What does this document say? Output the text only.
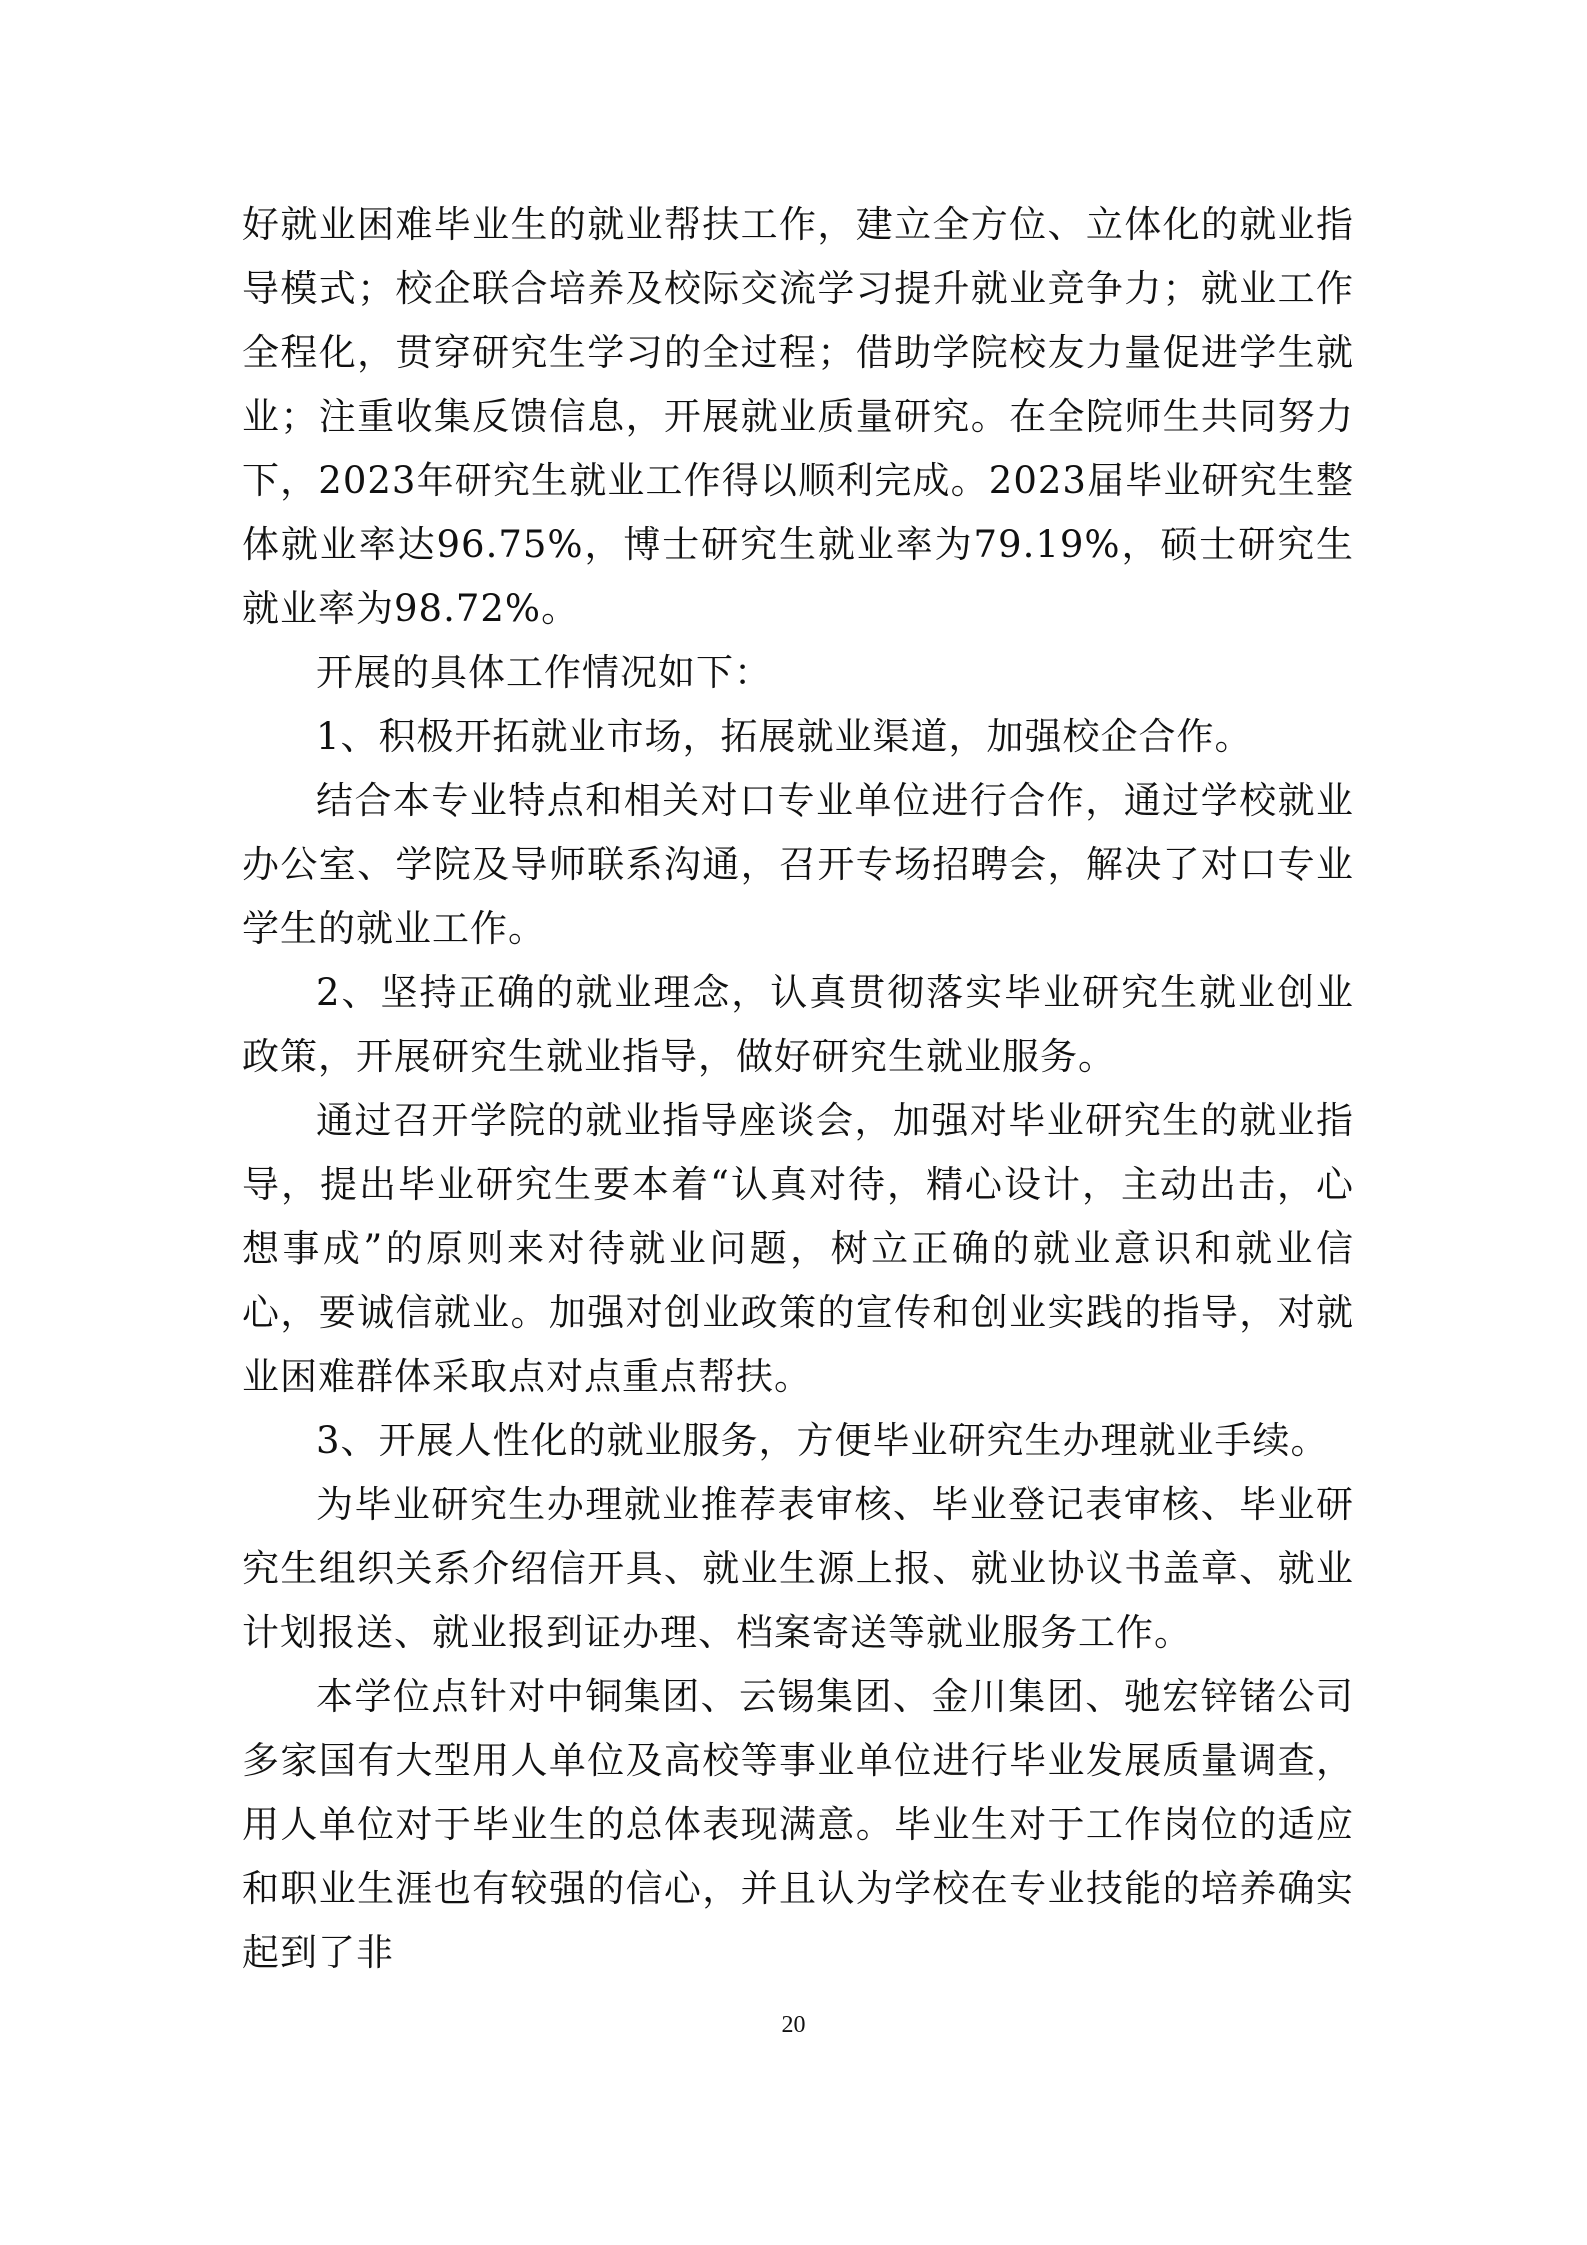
好就业困难毕业生的就业帮扶工作，建立全方位、立体化的就业指导模式；校企联合培养及校际交流学习提升就业竞争力；就业工作全程化，贯穿研究生学习的全过程；借助学院校友力量促进学生就业；注重收集反馈信息，开展就业质量研究。在全院师生共同努力下，2023年研究生就业工作得以顺利完成。2023届毕业研究生整体就业率达96.75%，博士研究生就业率为79.19%，硕士研究生就业率为98.72%。

开展的具体工作情况如下：

1、积极开拓就业市场，拓展就业渠道，加强校企合作。

结合本专业特点和相关对口专业单位进行合作，通过学校就业办公室、学院及导师联系沟通，召开专场招聘会，解决了对口专业学生的就业工作。

2、坚持正确的就业理念，认真贯彻落实毕业研究生就业创业政策，开展研究生就业指导，做好研究生就业服务。

通过召开学院的就业指导座谈会，加强对毕业研究生的就业指导，提出毕业研究生要本着“认真对待，精心设计，主动出击，心想事成”的原则来对待就业问题，树立正确的就业意识和就业信心，要诚信就业。加强对创业政策的宣传和创业实践的指导，对就业困难群体采取点对点重点帮扶。

3、开展人性化的就业服务，方便毕业研究生办理就业手续。

为毕业研究生办理就业推荐表审核、毕业登记表审核、毕业研究生组织关系介绍信开具、就业生源上报、就业协议书盖章、就业计划报送、就业报到证办理、档案寄送等就业服务工作。

本学位点针对中铜集团、云锡集团、金川集团、驰宏锌锗公司多家国有大型用人单位及高校等事业单位进行毕业发展质量调查，用人单位对于毕业生的总体表现满意。毕业生对于工作岗位的适应和职业生涯也有较强的信心，并且认为学校在专业技能的培养确实起到了非

20
